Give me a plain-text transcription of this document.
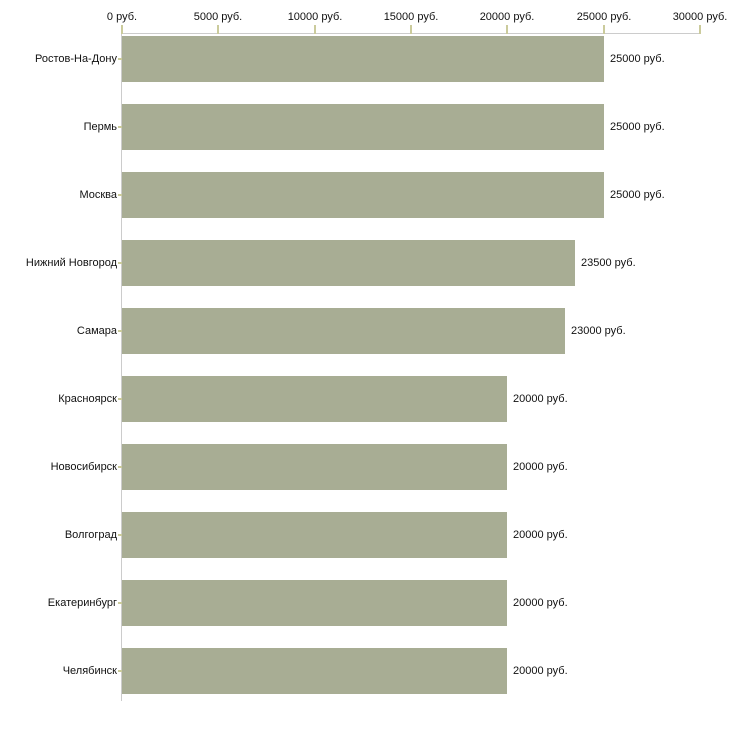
0 руб.	5000 руб.	10000 руб.	15000 руб.	20000 руб.	25000 руб.	30000 руб.
Ростов-На-Дону	25000 руб.
Пермь	25000 руб.
Москва	25000 руб.
Нижний Новгород	23500 руб.
Самара	23000 руб.
Красноярск	20000 руб.
Новосибирск	20000 руб.
Волгоград	20000 руб.
Екатеринбург	20000 руб.
Челябинск	20000 руб.
